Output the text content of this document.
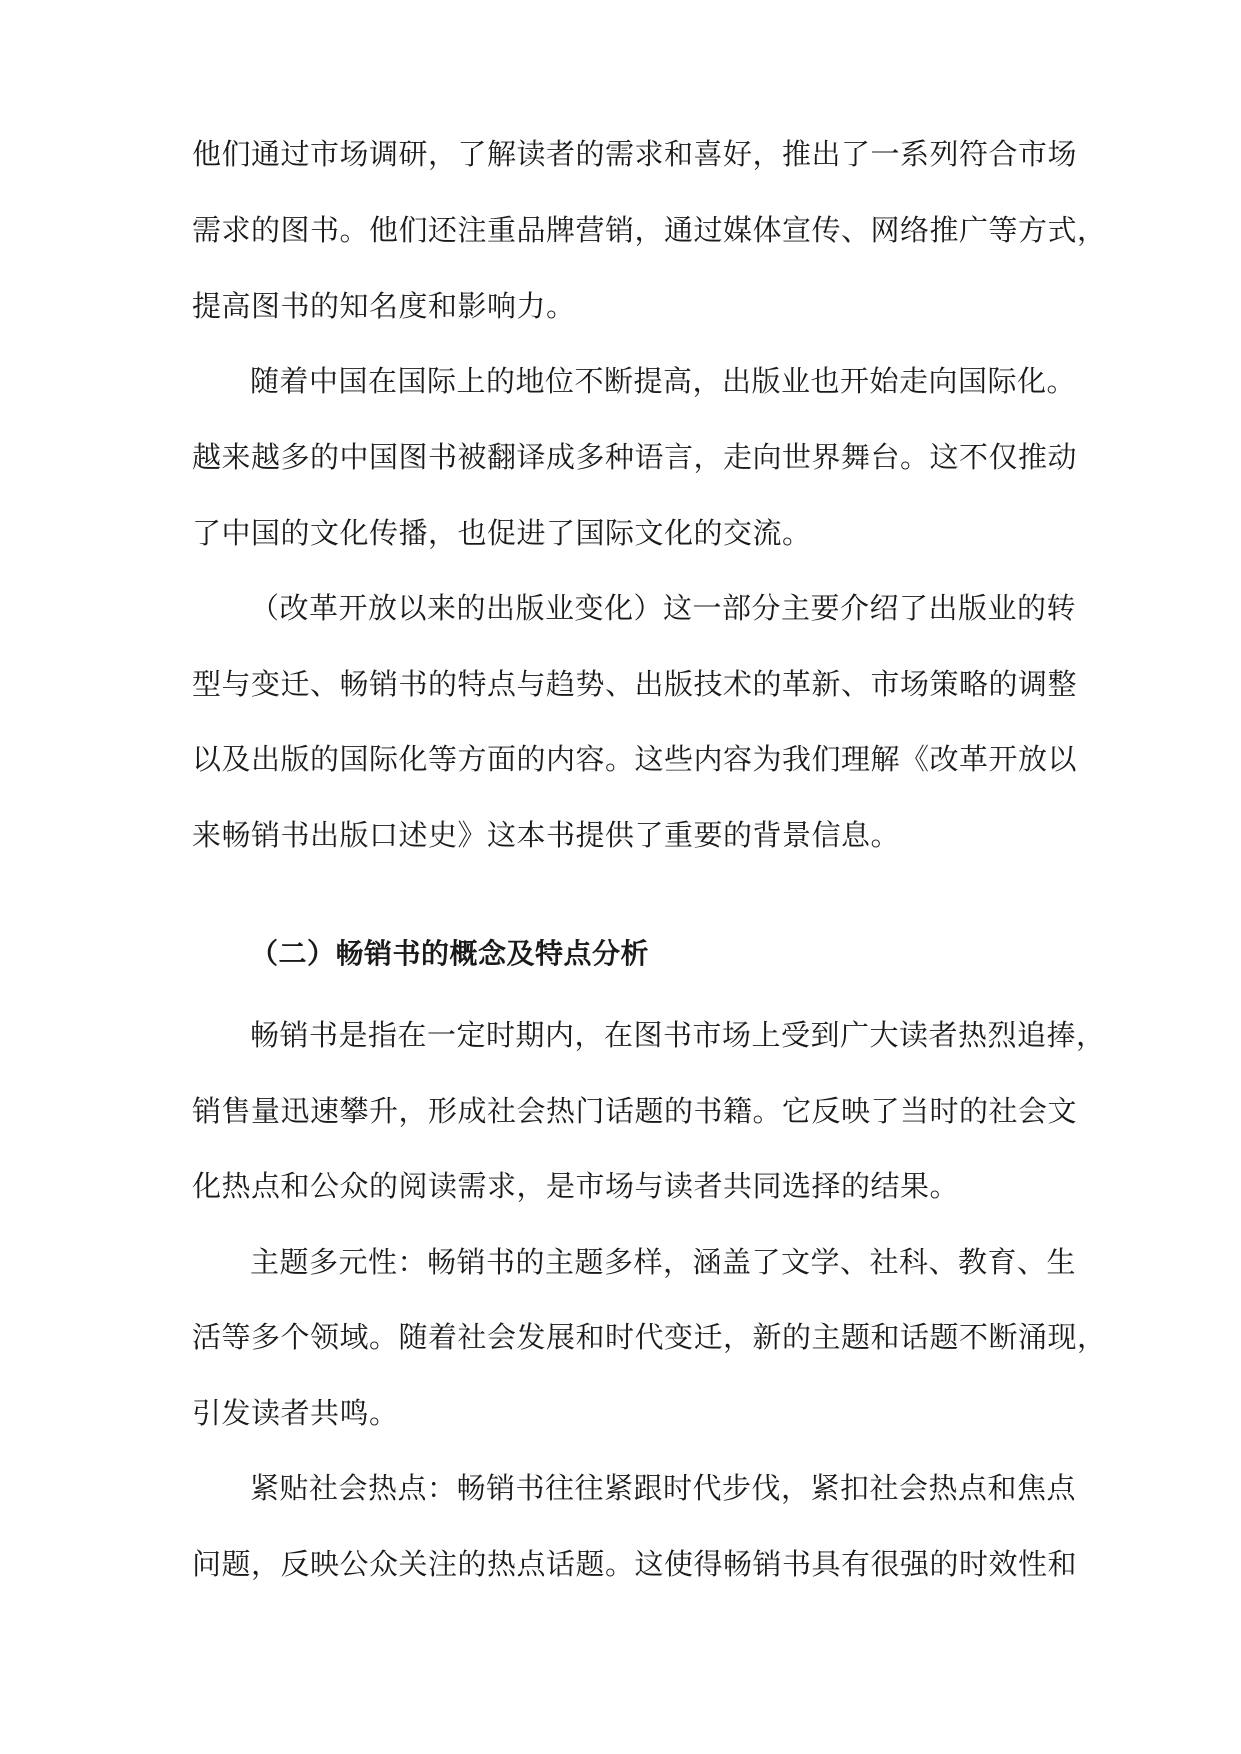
他们通过市场调研，了解读者的需求和喜好，推出了一系列符合市场
需求的图书。他们还注重品牌营销，通过媒体宣传、网络推广等方式，
提高图书的知名度和影响力。
随着中国在国际上的地位不断提高，出版业也开始走向国际化。
越来越多的中国图书被翻译成多种语言，走向世界舞台。这不仅推动
了中国的文化传播，也促进了国际文化的交流。
（改革开放以来的出版业变化）这一部分主要介绍了出版业的转
型与变迁、畅销书的特点与趋势、出版技术的革新、市场策略的调整
以及出版的国际化等方面的内容。这些内容为我们理解《改革开放以
来畅销书出版口述史》这本书提供了重要的背景信息。
（二）畅销书的概念及特点分析
畅销书是指在一定时期内，在图书市场上受到广大读者热烈追捧，
销售量迅速攀升，形成社会热门话题的书籍。它反映了当时的社会文
化热点和公众的阅读需求，是市场与读者共同选择的结果。
主题多元性：畅销书的主题多样，涵盖了文学、社科、教育、生
活等多个领域。随着社会发展和时代变迁，新的主题和话题不断涌现，
引发读者共鸣。
紧贴社会热点：畅销书往往紧跟时代步伐，紧扣社会热点和焦点
问题，反映公众关注的热点话题。这使得畅销书具有很强的时效性和
